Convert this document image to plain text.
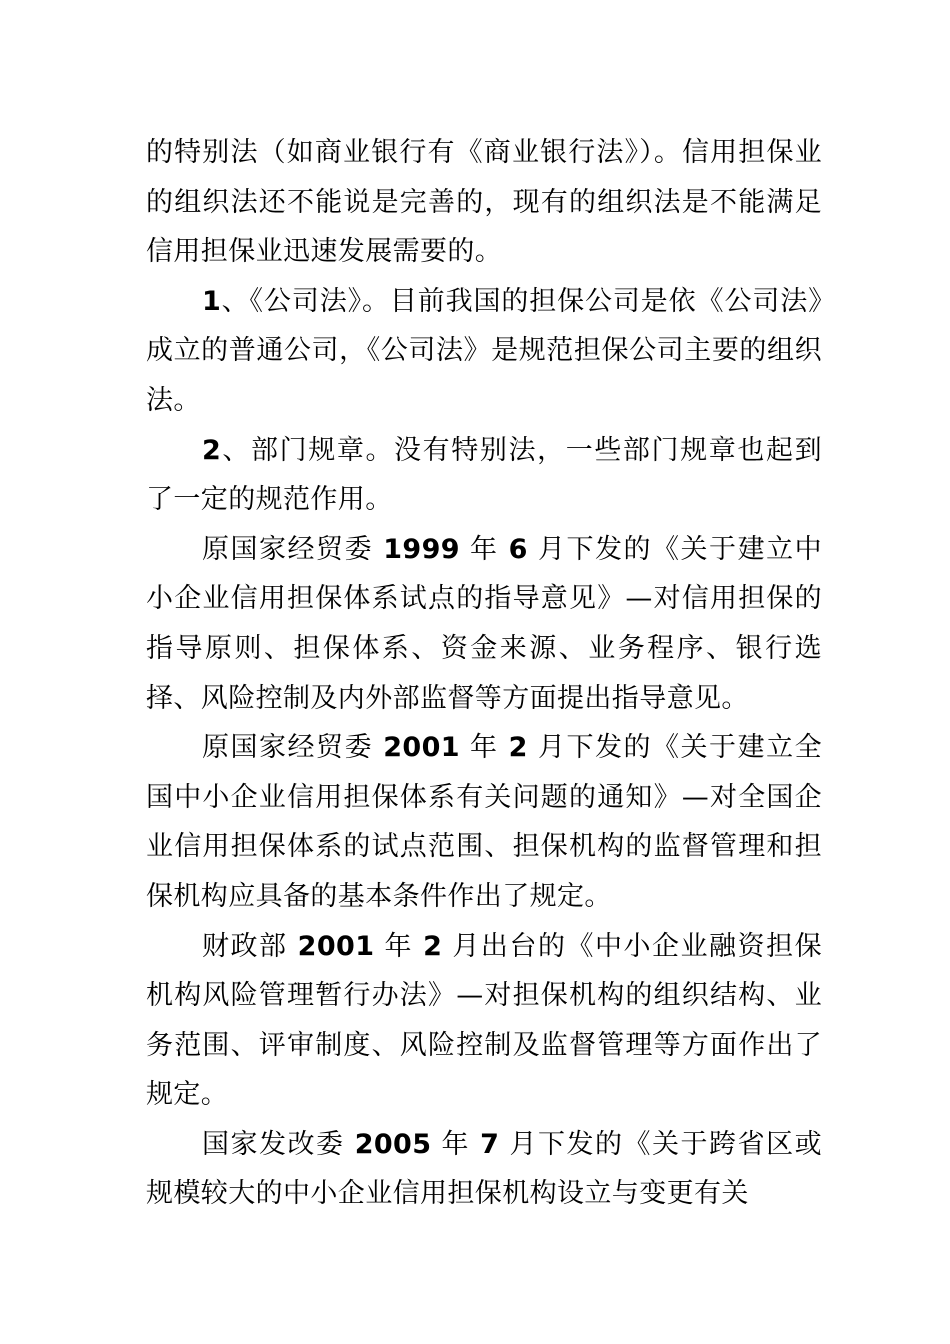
的特别法（如商业银行有《商业银行法》）。信用担保业的组织法还不能说是完善的，现有的组织法是不能满足信用担保业迅速发展需要的。

1、《公司法》。目前我国的担保公司是依《公司法》成立的普通公司，《公司法》是规范担保公司主要的组织法。

2、部门规章。没有特别法，一些部门规章也起到了一定的规范作用。

原国家经贸委 1999 年 6 月下发的《关于建立中小企业信用担保体系试点的指导意见》—对信用担保的指导原则、担保体系、资金来源、业务程序、银行选择、风险控制及内外部监督等方面提出指导意见。

原国家经贸委 2001 年 2 月下发的《关于建立全国中小企业信用担保体系有关问题的通知》—对全国企业信用担保体系的试点范围、担保机构的监督管理和担保机构应具备的基本条件作出了规定。

财政部 2001 年 2 月出台的《中小企业融资担保机构风险管理暂行办法》—对担保机构的组织结构、业务范围、评审制度、风险控制及监督管理等方面作出了规定。

国家发改委 2005 年 7 月下发的《关于跨省区或规模较大的中小企业信用担保机构设立与变更有关
